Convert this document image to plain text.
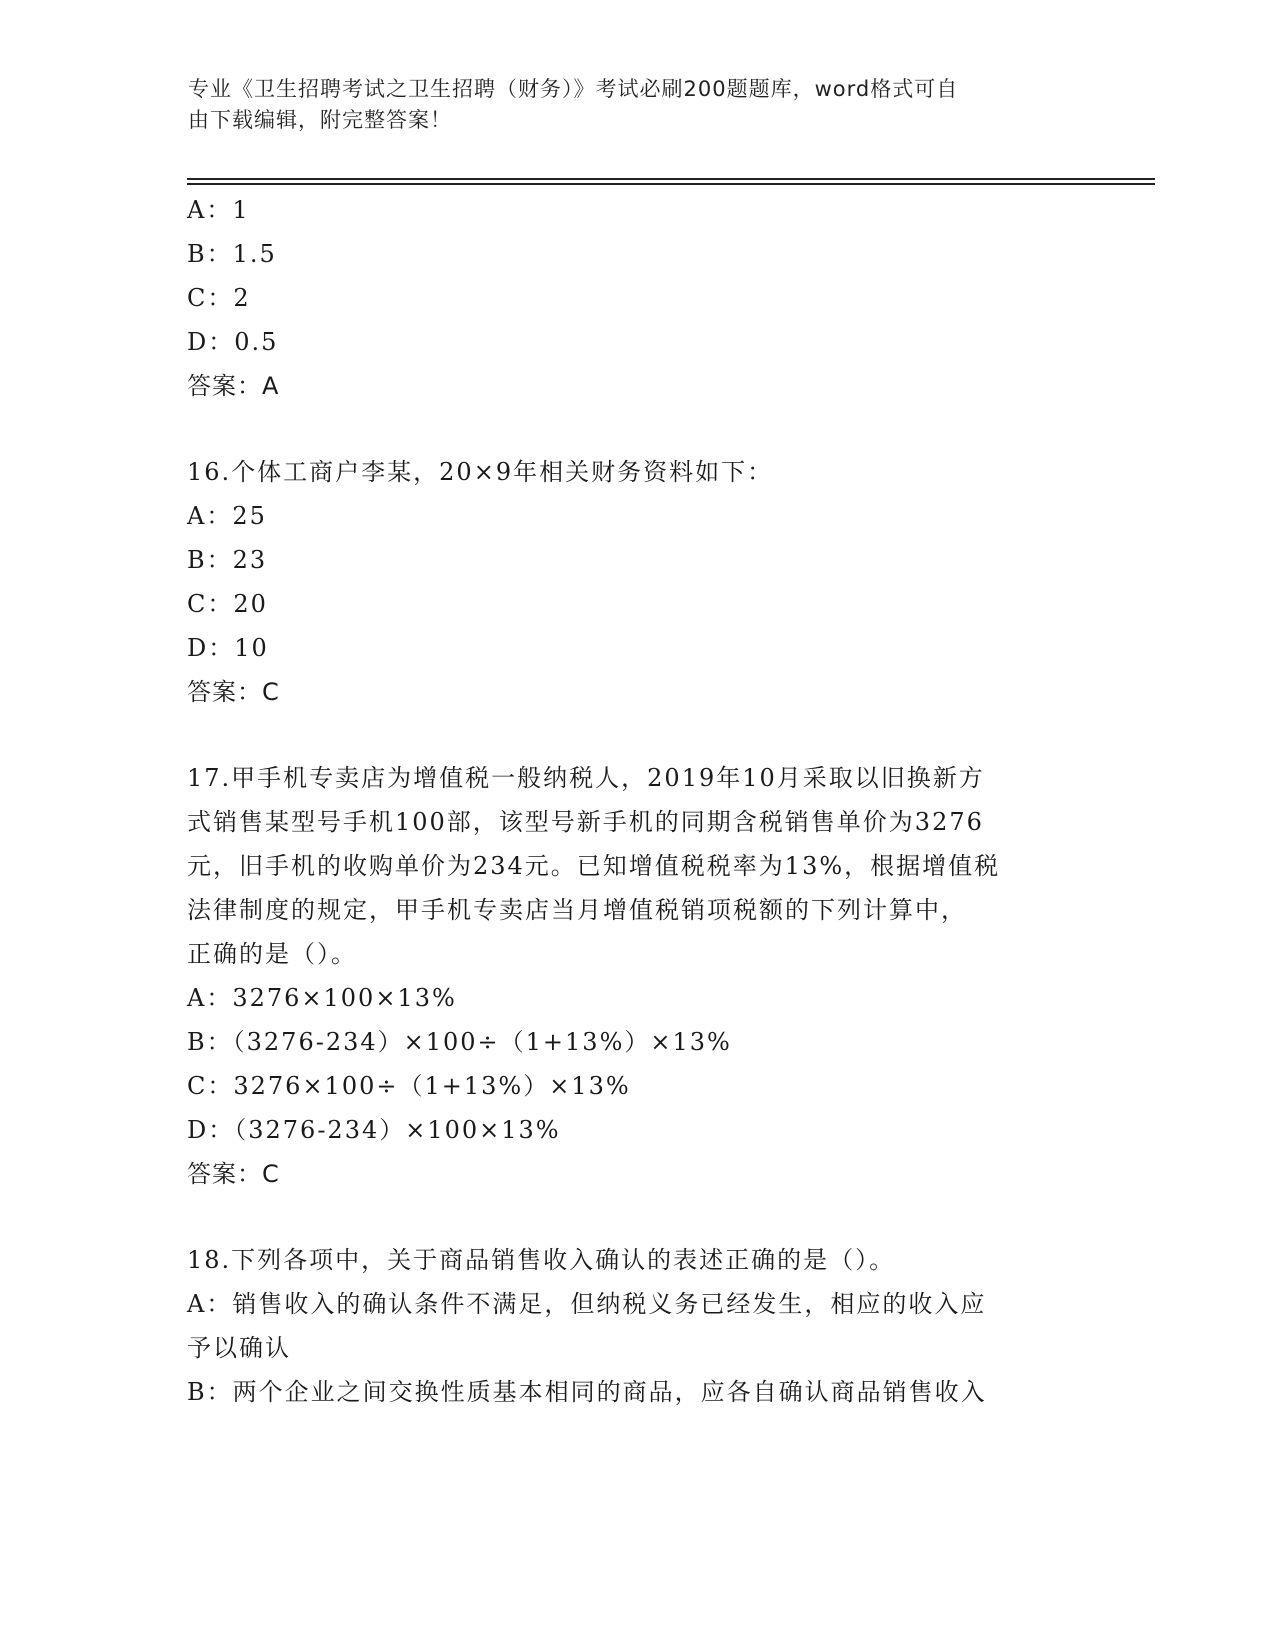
专业《卫生招聘考试之卫生招聘（财务）》考试必刷200题题库，word格式可自
由下载编辑，附完整答案！
A：1
B：1.5
C：2
D：0.5
答案：A
16.个体工商户李某，20×9年相关财务资料如下：
A：25
B：23
C：20
D：10
答案：C
17.甲手机专卖店为增值税一般纳税人，2019年10月采取以旧换新方
式销售某型号手机100部，该型号新手机的同期含税销售单价为3276
元，旧手机的收购单价为234元。已知增值税税率为13%，根据增值税
法律制度的规定，甲手机专卖店当月增值税销项税额的下列计算中，
正确的是（）。
A：3276×100×13%
B：（3276-234）×100÷（1+13%）×13%
C：3276×100÷（1+13%）×13%
D：（3276-234）×100×13%
答案：C
18.下列各项中，关于商品销售收入确认的表述正确的是（）。
A：销售收入的确认条件不满足，但纳税义务已经发生，相应的收入应
予以确认
B：两个企业之间交换性质基本相同的商品，应各自确认商品销售收入
